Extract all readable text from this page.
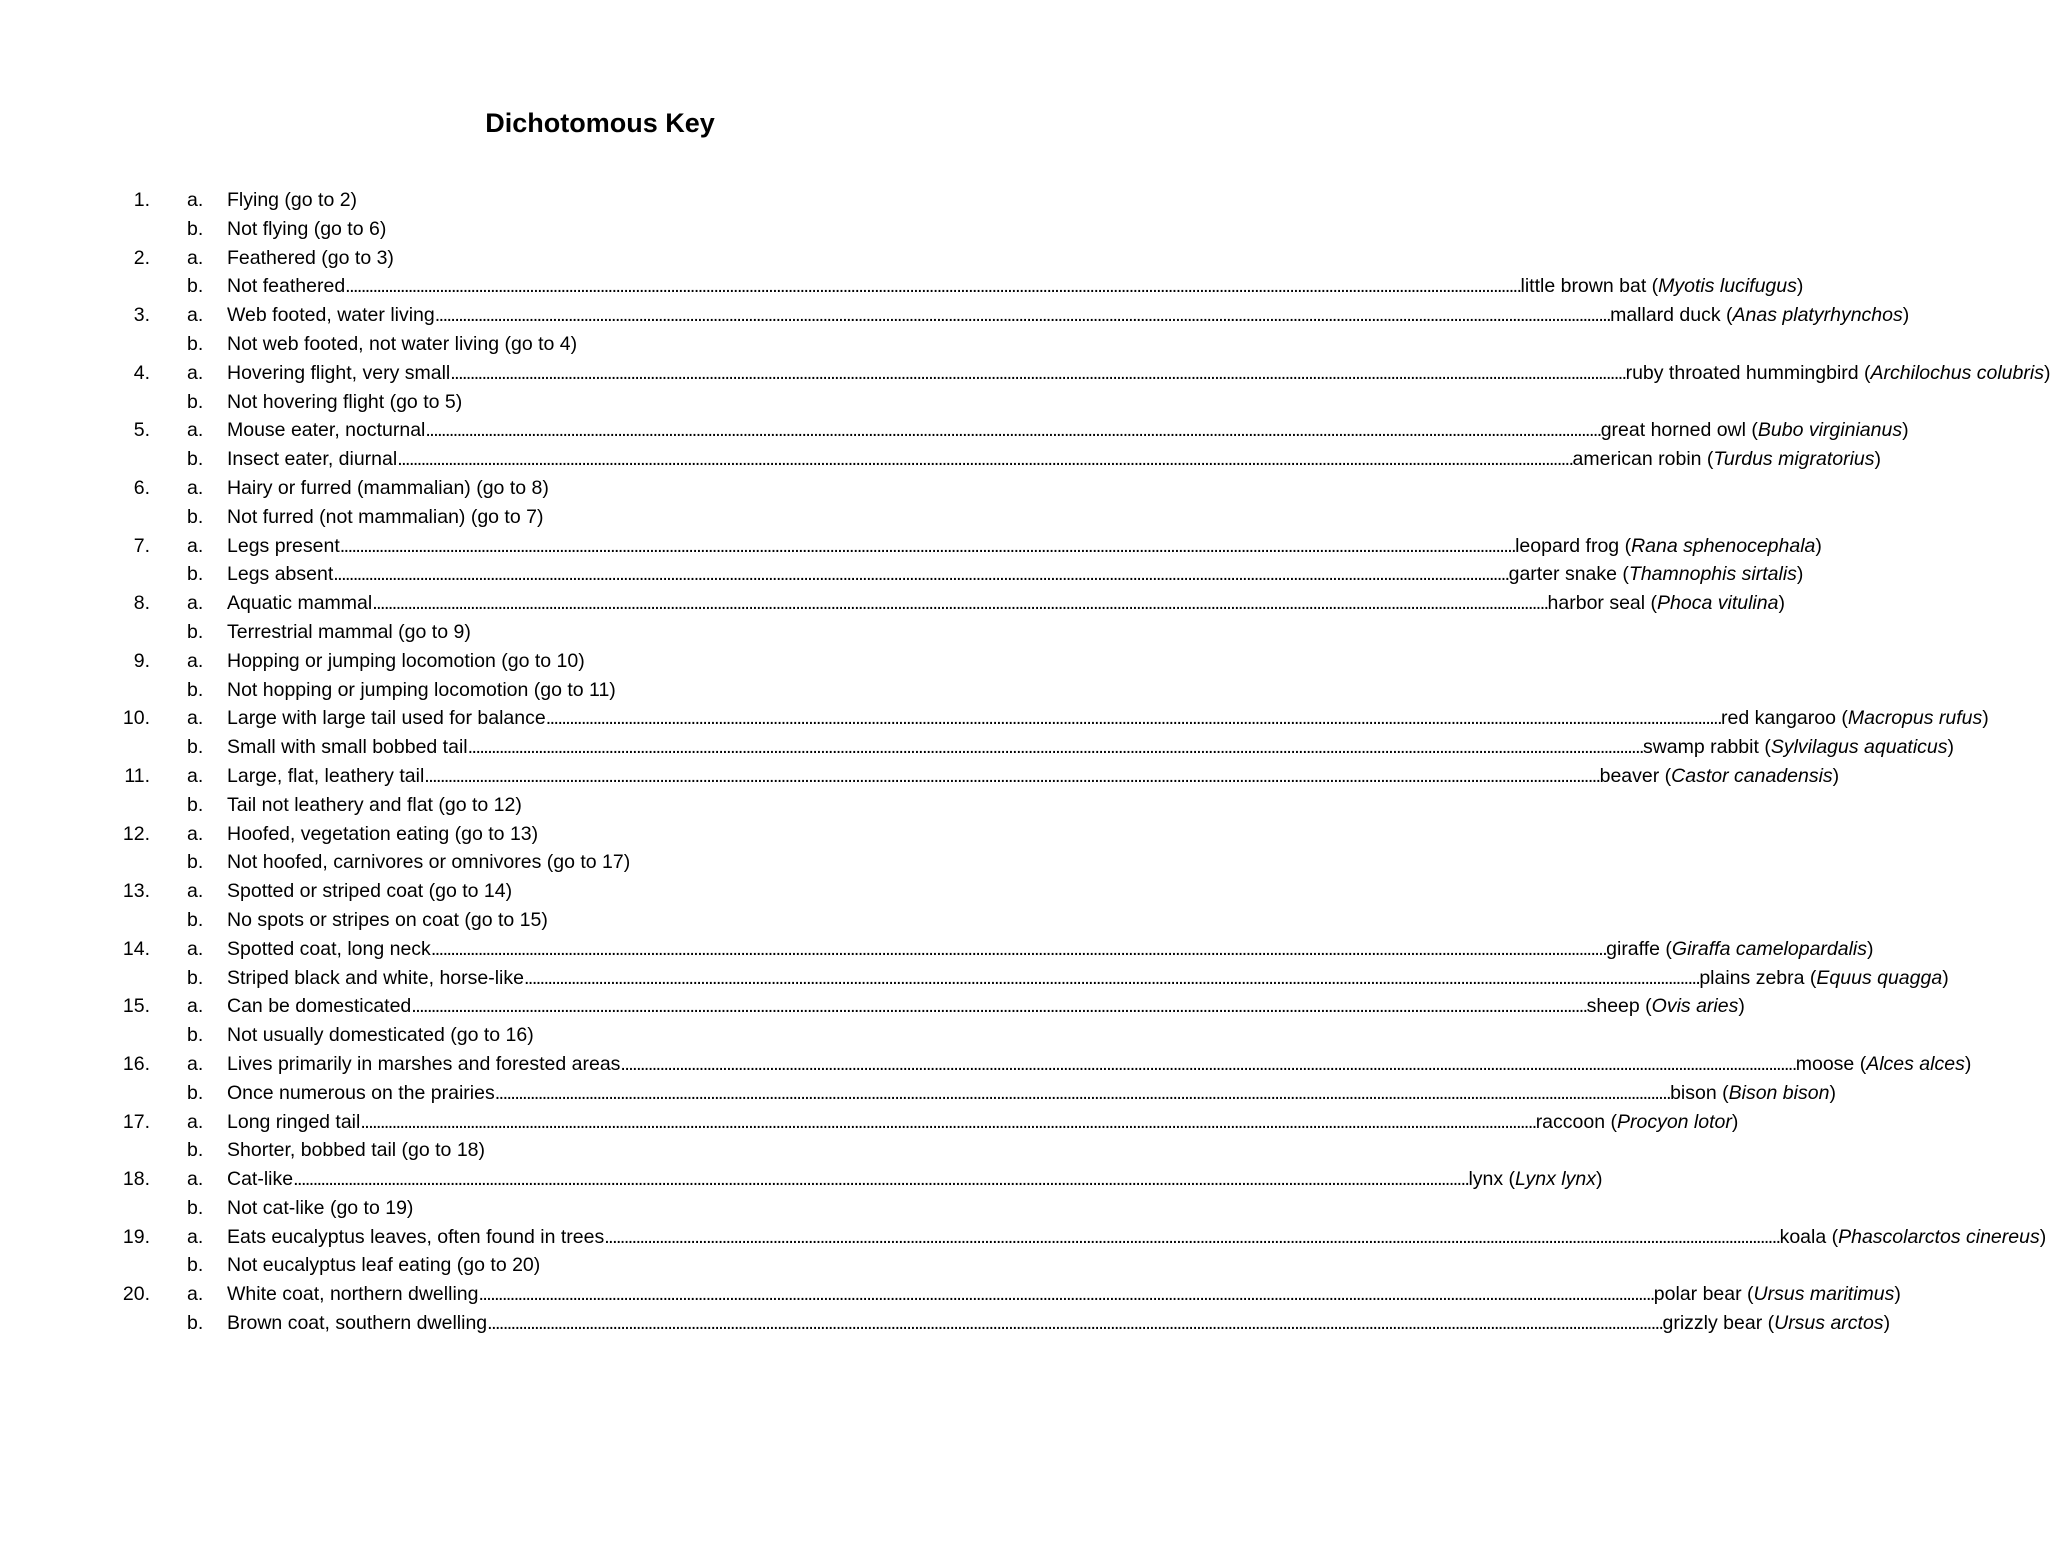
Dichotomous Key
1. a. Flying (go to 2)
b. Not flying (go to 6)
2. a. Feathered (go to 3)
b. Not feathered ............................................................................................................................................................................................................................................................................................................ little brown bat (Myotis lucifugus)
3. a. Web footed, water living ............................................................................................................................................................................................................................................................................................................ mallard duck (Anas platyrhynchos)
b. Not web footed, not water living (go to 4)
4. a. Hovering flight, very small ............................................................................................................................................................................................................................................................................................................ ruby throated hummingbird (Archilochus colubris)
b. Not hovering flight (go to 5)
5. a. Mouse eater, nocturnal ............................................................................................................................................................................................................................................................................................................ great horned owl (Bubo virginianus)
b. Insect eater, diurnal ............................................................................................................................................................................................................................................................................................................ american robin (Turdus migratorius)
6. a. Hairy or furred (mammalian) (go to 8)
b. Not furred (not mammalian) (go to 7)
7. a. Legs present ............................................................................................................................................................................................................................................................................................................ leopard frog (Rana sphenocephala)
b. Legs absent ............................................................................................................................................................................................................................................................................................................ garter snake (Thamnophis sirtalis)
8. a. Aquatic mammal ............................................................................................................................................................................................................................................................................................................ harbor seal (Phoca vitulina)
b. Terrestrial mammal (go to 9)
9. a. Hopping or jumping locomotion (go to 10)
b. Not hopping or jumping locomotion (go to 11)
10. a. Large with large tail used for balance ............................................................................................................................................................................................................................................................................................................ red kangaroo (Macropus rufus)
b. Small with small bobbed tail ............................................................................................................................................................................................................................................................................................................ swamp rabbit (Sylvilagus aquaticus)
11. a. Large, flat, leathery tail ............................................................................................................................................................................................................................................................................................................ beaver (Castor canadensis)
b. Tail not leathery and flat (go to 12)
12. a. Hoofed, vegetation eating (go to 13)
b. Not hoofed, carnivores or omnivores (go to 17)
13. a. Spotted or striped coat (go to 14)
b. No spots or stripes on coat (go to 15)
14. a. Spotted coat, long neck ............................................................................................................................................................................................................................................................................................................ giraffe (Giraffa camelopardalis)
b. Striped black and white, horse-like ............................................................................................................................................................................................................................................................................................................ plains zebra (Equus quagga)
15. a. Can be domesticated ............................................................................................................................................................................................................................................................................................................ sheep (Ovis aries)
b. Not usually domesticated (go to 16)
16. a. Lives primarily in marshes and forested areas ............................................................................................................................................................................................................................................................................................................ moose (Alces alces)
b. Once numerous on the prairies ............................................................................................................................................................................................................................................................................................................ bison (Bison bison)
17. a. Long ringed tail ............................................................................................................................................................................................................................................................................................................ raccoon (Procyon lotor)
b. Shorter, bobbed tail (go to 18)
18. a. Cat-like ............................................................................................................................................................................................................................................................................................................ lynx (Lynx lynx)
b. Not cat-like (go to 19)
19. a. Eats eucalyptus leaves, often found in trees ............................................................................................................................................................................................................................................................................................................ koala (Phascolarctos cinereus)
b. Not eucalyptus leaf eating (go to 20)
20. a. White coat, northern dwelling ............................................................................................................................................................................................................................................................................................................ polar bear (Ursus maritimus)
b. Brown coat, southern dwelling ............................................................................................................................................................................................................................................................................................................ grizzly bear (Ursus arctos)
